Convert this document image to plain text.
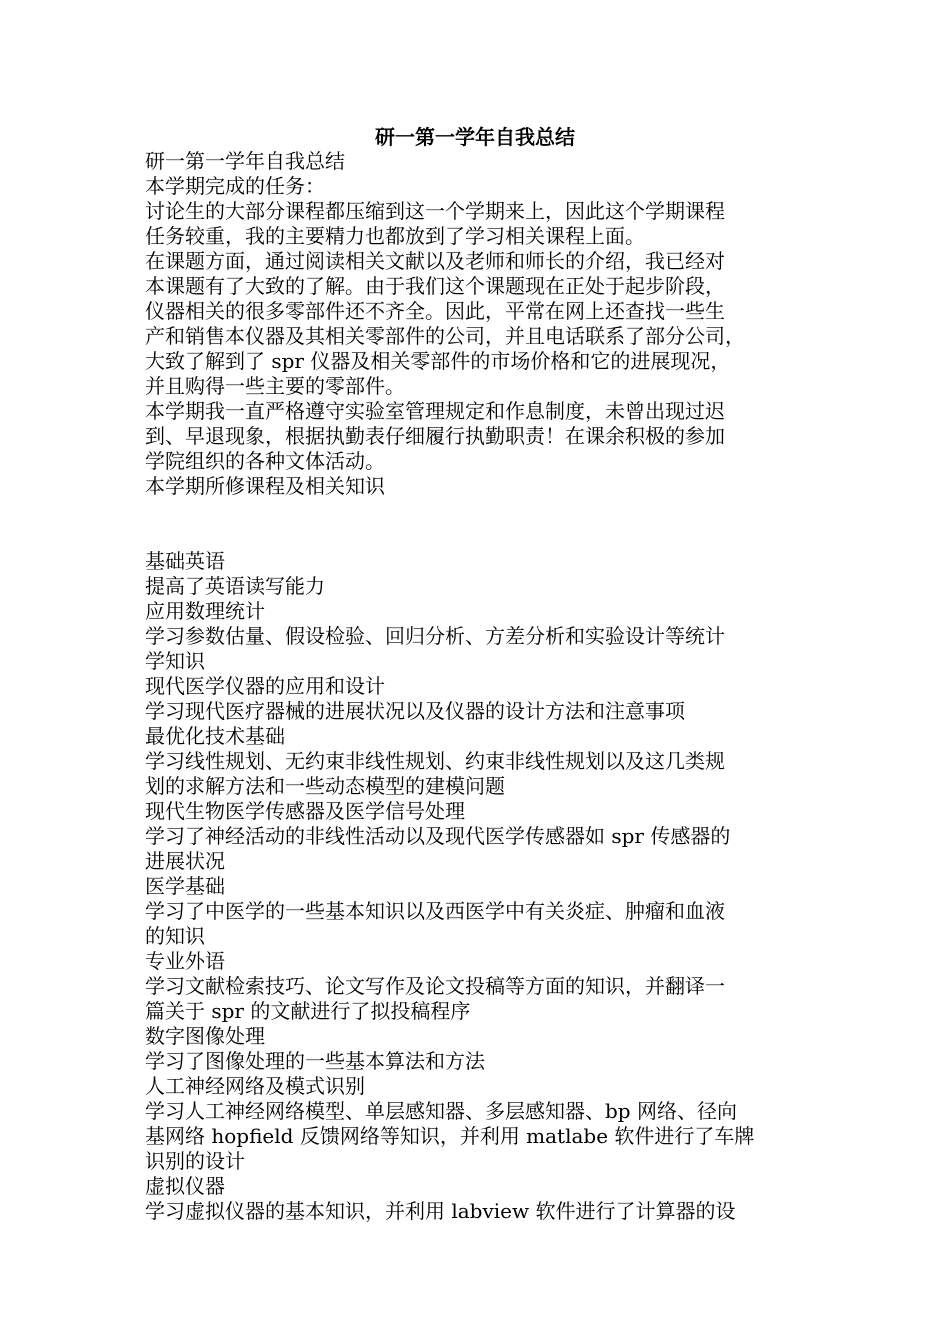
研一第一学年自我总结
研一第一学年自我总结
本学期完成的任务：
讨论生的大部分课程都压缩到这一个学期来上，因此这个学期课程
任务较重，我的主要精力也都放到了学习相关课程上面。
在课题方面，通过阅读相关文献以及老师和师长的介绍，我已经对
本课题有了大致的了解。由于我们这个课题现在正处于起步阶段，
仪器相关的很多零部件还不齐全。因此，平常在网上还查找一些生
产和销售本仪器及其相关零部件的公司，并且电话联系了部分公司，
大致了解到了 spr 仪器及相关零部件的市场价格和它的进展现况，
并且购得一些主要的零部件。
本学期我一直严格遵守实验室管理规定和作息制度，未曾出现过迟
到、早退现象，根据执勤表仔细履行执勤职责！在课余积极的参加
学院组织的各种文体活动。
本学期所修课程及相关知识
基础英语
提高了英语读写能力
应用数理统计
学习参数估量、假设检验、回归分析、方差分析和实验设计等统计
学知识
现代医学仪器的应用和设计
学习现代医疗器械的进展状况以及仪器的设计方法和注意事项
最优化技术基础
学习线性规划、无约束非线性规划、约束非线性规划以及这几类规
划的求解方法和一些动态模型的建模问题
现代生物医学传感器及医学信号处理
学习了神经活动的非线性活动以及现代医学传感器如 spr 传感器的
进展状况
医学基础
学习了中医学的一些基本知识以及西医学中有关炎症、肿瘤和血液
的知识
专业外语
学习文献检索技巧、论文写作及论文投稿等方面的知识，并翻译一
篇关于 spr 的文献进行了拟投稿程序
数字图像处理
学习了图像处理的一些基本算法和方法
人工神经网络及模式识别
学习人工神经网络模型、单层感知器、多层感知器、bp 网络、径向
基网络 hopfield 反馈网络等知识，并利用 matlabe 软件进行了车牌
识别的设计
虚拟仪器
学习虚拟仪器的基本知识，并利用 labview 软件进行了计算器的设
